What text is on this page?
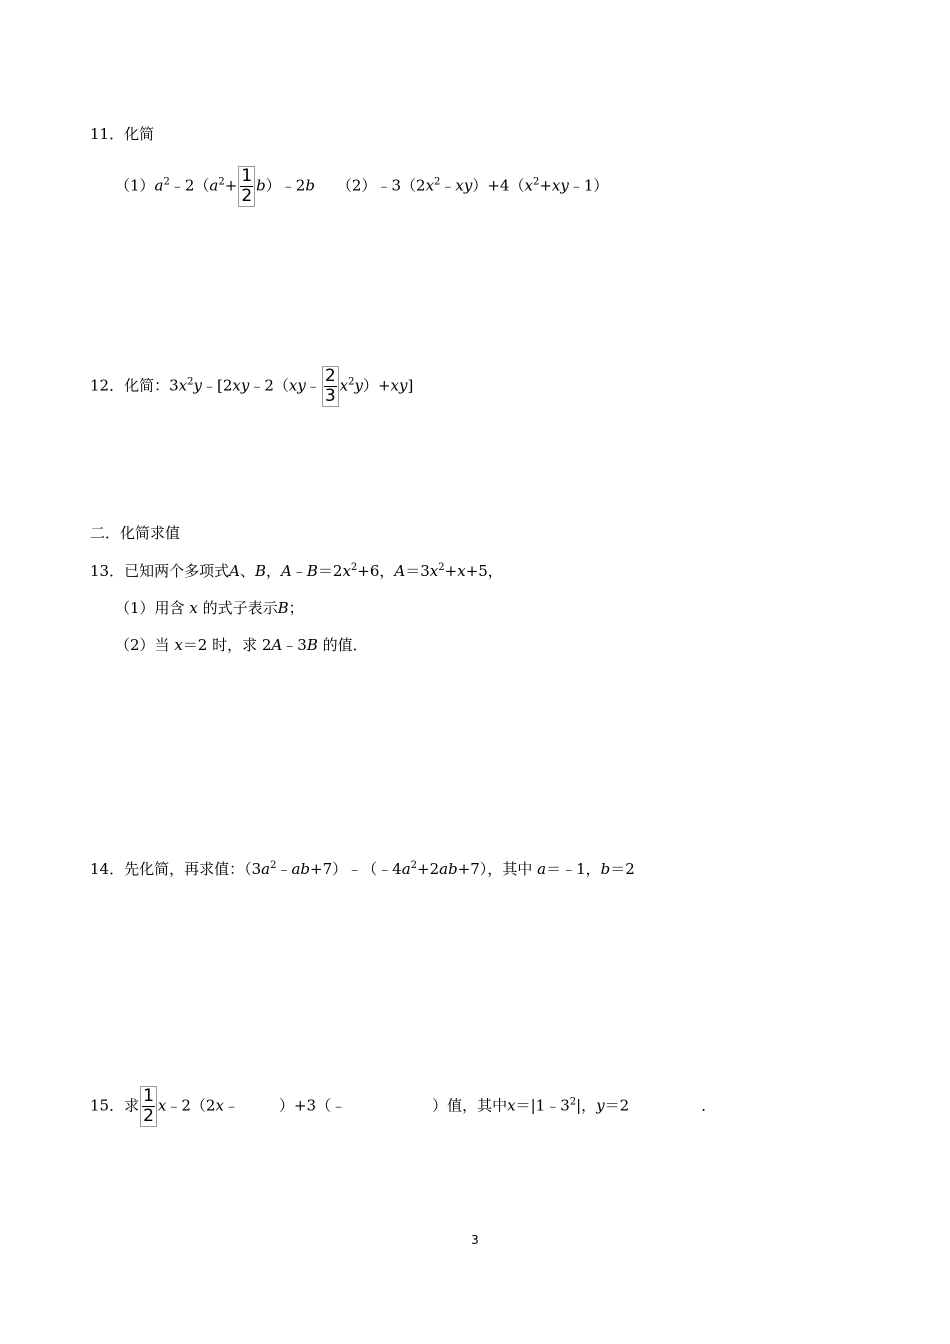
11．化简
$(1)a^2﹣2(a^2+ \frac{1}{2}$ b）﹣2b $(2)﹣3(2x^2﹣xy)+4(x^2+xy﹣1)$
12．化简：$3x^2y﹣[2xy﹣2(xy﹣ \frac{2}{3} x^2y)+xy]$
二．化简求值
13．已知两个多项式A、B，$A﹣B=2x^2+6$，$A=3x^2+x+5$，
（1）用含 x 的式子表示B；
（2）当 x＝2 时，求 2A﹣3B 的值．
14．先化简，再求值：$(3a^2﹣ab+7)﹣(﹣4a^2+2ab+7)$，其中 a＝﹣1，b＝2
15．求 $\frac{1}{2}$ x﹣2（2x﹣	）+3（﹣	）值，其中$x=|1﹣3^2|$，y＝2	．
3
